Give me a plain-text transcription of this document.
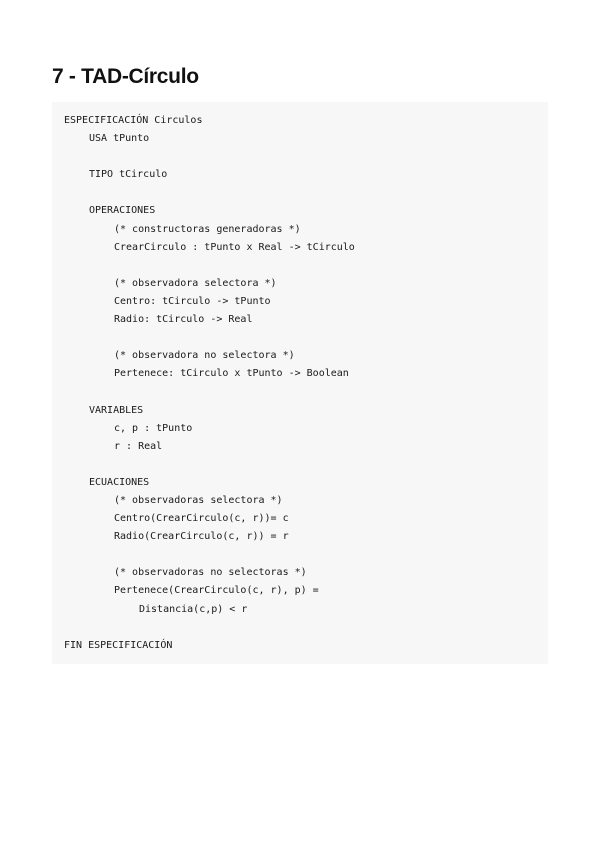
7 - TAD-Círculo
ESPECIFICACIÓN Circulos
USA tPunto
TIPO tCirculo
OPERACIONES
(* constructoras generadoras *)
CrearCirculo : tPunto x Real -> tCirculo
(* observadora selectora *)
Centro: tCirculo -> tPunto
Radio: tCirculo -> Real
(* observadora no selectora *)
Pertenece: tCirculo x tPunto -> Boolean
VARIABLES
c, p : tPunto
r : Real
ECUACIONES
(* observadoras selectora *)
Centro(CrearCirculo(c, r))= c
Radio(CrearCirculo(c, r)) = r
(* observadoras no selectoras *)
Pertenece(CrearCirculo(c, r), p) =
Distancia(c,p) < r
FIN ESPECIFICACIÓN
